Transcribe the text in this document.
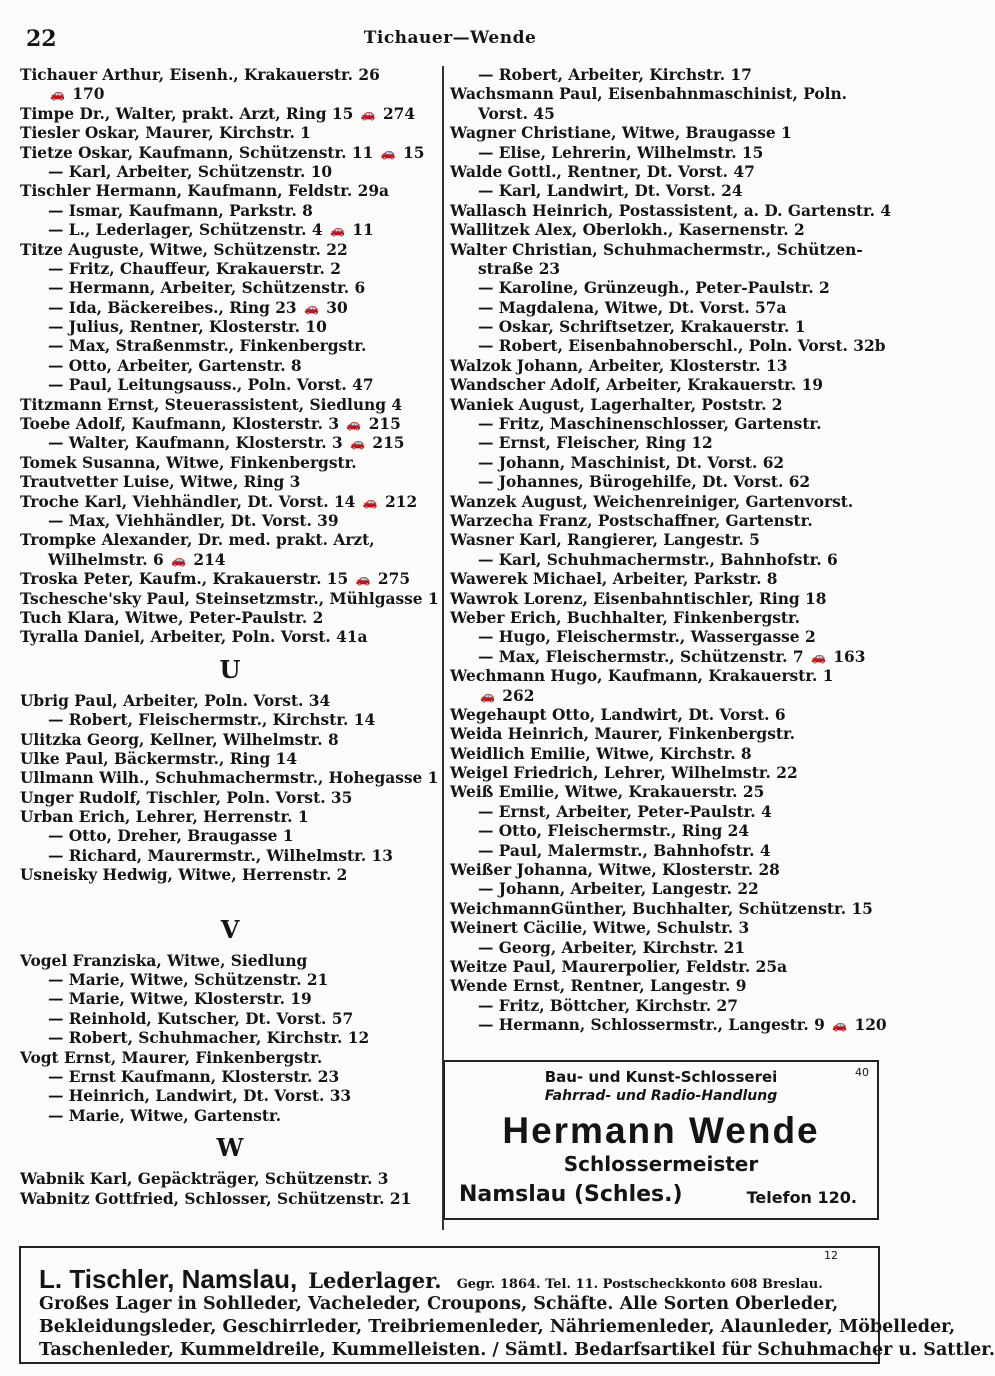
22	Tichauer—Wende
Tichauer Arthur, Eisenh., Krakauerstr. 26
🚗 170
Timpe Dr., Walter, prakt. Arzt, Ring 15 🚗 274
Tiesler Oskar, Maurer, Kirchstr. 1
Tietze Oskar, Kaufmann, Schützenstr. 11 🚗 15
— Karl, Arbeiter, Schützenstr. 10
Tischler Hermann, Kaufmann, Feldstr. 29a
— Ismar, Kaufmann, Parkstr. 8
— L., Lederlager, Schützenstr. 4 🚗 11
Titze Auguste, Witwe, Schützenstr. 22
— Fritz, Chauffeur, Krakauerstr. 2
— Hermann, Arbeiter, Schützenstr. 6
— Ida, Bäckereibes., Ring 23 🚗 30
— Julius, Rentner, Klosterstr. 10
— Max, Straßenmstr., Finkenbergstr.
— Otto, Arbeiter, Gartenstr. 8
— Paul, Leitungsauss., Poln. Vorst. 47
Titzmann Ernst, Steuerassistent, Siedlung 4
Toebe Adolf, Kaufmann, Klosterstr. 3 🚗 215
— Walter, Kaufmann, Klosterstr. 3 🚗 215
Tomek Susanna, Witwe, Finkenbergstr.
Trautvetter Luise, Witwe, Ring 3
Troche Karl, Viehhändler, Dt. Vorst. 14 🚗 212
— Max, Viehhändler, Dt. Vorst. 39
Trompke Alexander, Dr. med. prakt. Arzt,
Wilhelmstr. 6 🚗 214
Troska Peter, Kaufm., Krakauerstr. 15 🚗 275
Tschesche'sky Paul, Steinsetzmstr., Mühlgasse 1
Tuch Klara, Witwe, Peter-Paulstr. 2
Tyralla Daniel, Arbeiter, Poln. Vorst. 41a
U
Ubrig Paul, Arbeiter, Poln. Vorst. 34
— Robert, Fleischermstr., Kirchstr. 14
Ulitzka Georg, Kellner, Wilhelmstr. 8
Ulke Paul, Bäckermstr., Ring 14
Ullmann Wilh., Schuhmachermstr., Hohegasse 1
Unger Rudolf, Tischler, Poln. Vorst. 35
Urban Erich, Lehrer, Herrenstr. 1
— Otto, Dreher, Braugasse 1
— Richard, Maurermstr., Wilhelmstr. 13
Usneisky Hedwig, Witwe, Herrenstr. 2
V
Vogel Franziska, Witwe, Siedlung
— Marie, Witwe, Schützenstr. 21
— Marie, Witwe, Klosterstr. 19
— Reinhold, Kutscher, Dt. Vorst. 57
— Robert, Schuhmacher, Kirchstr. 12
Vogt Ernst, Maurer, Finkenbergstr.
— Ernst Kaufmann, Klosterstr. 23
— Heinrich, Landwirt, Dt. Vorst. 33
— Marie, Witwe, Gartenstr.
W
Wabnik Karl, Gepäckträger, Schützenstr. 3
Wabnitz Gottfried, Schlosser, Schützenstr. 21
— Robert, Arbeiter, Kirchstr. 17
Wachsmann Paul, Eisenbahnmaschinist, Poln.
Vorst. 45
Wagner Christiane, Witwe, Braugasse 1
— Elise, Lehrerin, Wilhelmstr. 15
Walde Gottl., Rentner, Dt. Vorst. 47
— Karl, Landwirt, Dt. Vorst. 24
Wallasch Heinrich, Postassistent, a. D. Gartenstr. 4
Wallitzek Alex, Oberlokh., Kasernenstr. 2
Walter Christian, Schuhmachermstr., Schützen-
straße 23
— Karoline, Grünzeugh., Peter-Paulstr. 2
— Magdalena, Witwe, Dt. Vorst. 57a
— Oskar, Schriftsetzer, Krakauerstr. 1
— Robert, Eisenbahnoberschl., Poln. Vorst. 32b
Walzok Johann, Arbeiter, Klosterstr. 13
Wandscher Adolf, Arbeiter, Krakauerstr. 19
Waniek August, Lagerhalter, Poststr. 2
— Fritz, Maschinenschlosser, Gartenstr.
— Ernst, Fleischer, Ring 12
— Johann, Maschinist, Dt. Vorst. 62
— Johannes, Bürogehilfe, Dt. Vorst. 62
Wanzek August, Weichenreiniger, Gartenvorst.
Warzecha Franz, Postschaffner, Gartenstr.
Wasner Karl, Rangierer, Langestr. 5
— Karl, Schuhmachermstr., Bahnhofstr. 6
Wawerek Michael, Arbeiter, Parkstr. 8
Wawrok Lorenz, Eisenbahntischler, Ring 18
Weber Erich, Buchhalter, Finkenbergstr.
— Hugo, Fleischermstr., Wassergasse 2
— Max, Fleischermstr., Schützenstr. 7 🚗 163
Wechmann Hugo, Kaufmann, Krakauerstr. 1
🚗 262
Wegehaupt Otto, Landwirt, Dt. Vorst. 6
Weida Heinrich, Maurer, Finkenbergstr.
Weidlich Emilie, Witwe, Kirchstr. 8
Weigel Friedrich, Lehrer, Wilhelmstr. 22
Weiß Emilie, Witwe, Krakauerstr. 25
— Ernst, Arbeiter, Peter-Paulstr. 4
— Otto, Fleischermstr., Ring 24
— Paul, Malermstr., Bahnhofstr. 4
Weißer Johanna, Witwe, Klosterstr. 28
— Johann, Arbeiter, Langestr. 22
WeichmannGünther, Buchhalter, Schützenstr. 15
Weinert Cäcilie, Witwe, Schulstr. 3
— Georg, Arbeiter, Kirchstr. 21
Weitze Paul, Maurerpolier, Feldstr. 25a
Wende Ernst, Rentner, Langestr. 9
— Fritz, Böttcher, Kirchstr. 27
— Hermann, Schlossermstr., Langestr. 9 🚗 120
40
Bau- und Kunst-Schlosserei
Fahrrad- und Radio-Handlung
Hermann Wende
Schlossermeister
Namslau (Schles.)	Telefon 120.
12
L. Tischler, Namslau, Lederlager. Gegr. 1864. Tel. 11. Postscheckkonto 608 Breslau.
Großes Lager in Sohlleder, Vacheleder, Croupons, Schäfte. Alle Sorten Oberleder,
Bekleidungsleder, Geschirrleder, Treibriemenleder, Nähriemenleder, Alaunleder, Möbelleder,
Taschenleder, Kummeldreile, Kummelleisten. / Sämtl. Bedarfsartikel für Schuhmacher u. Sattler.
